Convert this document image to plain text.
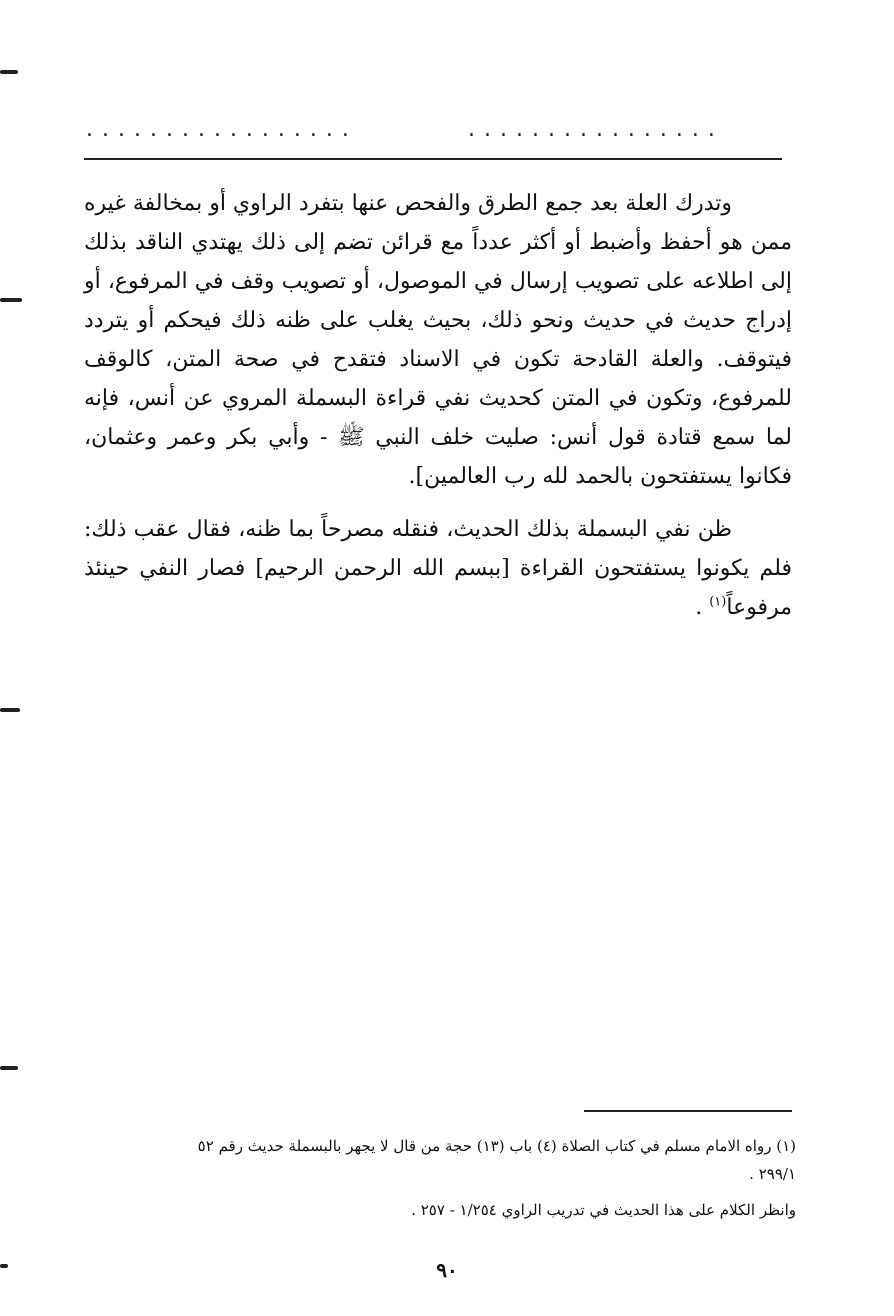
................
.................

وتدرك العلة بعد جمع الطرق والفحص عنها بتفرد الراوي أو بمخالفة غيره ممن هو أحفظ وأضبط أو أكثر عدداً مع قرائن تضم إلى ذلك يهتدي الناقد بذلك إلى اطلاعه على تصويب إرسال في الموصول، أو تصويب وقف في المرفوع، أو إدراج حديث في حديث ونحو ذلك، بحيث يغلب على ظنه ذلك فيحكم أو يتردد فيتوقف. والعلة القادحة تكون في الاسناد فتقدح في صحة المتن، كالوقف للمرفوع، وتكون في المتن كحديث نفي قراءة البسملة المروي عن أنس، فإنه لما سمع قتادة قول أنس: صليت خلف النبي ﷺ - وأبي بكر وعمر وعثمان، فكانوا يستفتحون بالحمد لله رب العالمين].

ظن نفي البسملة بذلك الحديث، فنقله مصرحاً بما ظنه، فقال عقب ذلك: فلم يكونوا يستفتحون القراءة [ببسم الله الرحمن الرحيم] فصار النفي حينئذ مرفوعاً$^{(١)}$ .

(١) رواه الامام مسلم في كتاب الصلاة (٤) باب (١٣) حجة من قال لا يجهر بالبسملة حديث رقم ٥٢

٢٩٩/١ .

وانظر الكلام على هذا الحديث في تدريب الراوي ١/٢٥٤ - ٢٥٧ .

٩٠
